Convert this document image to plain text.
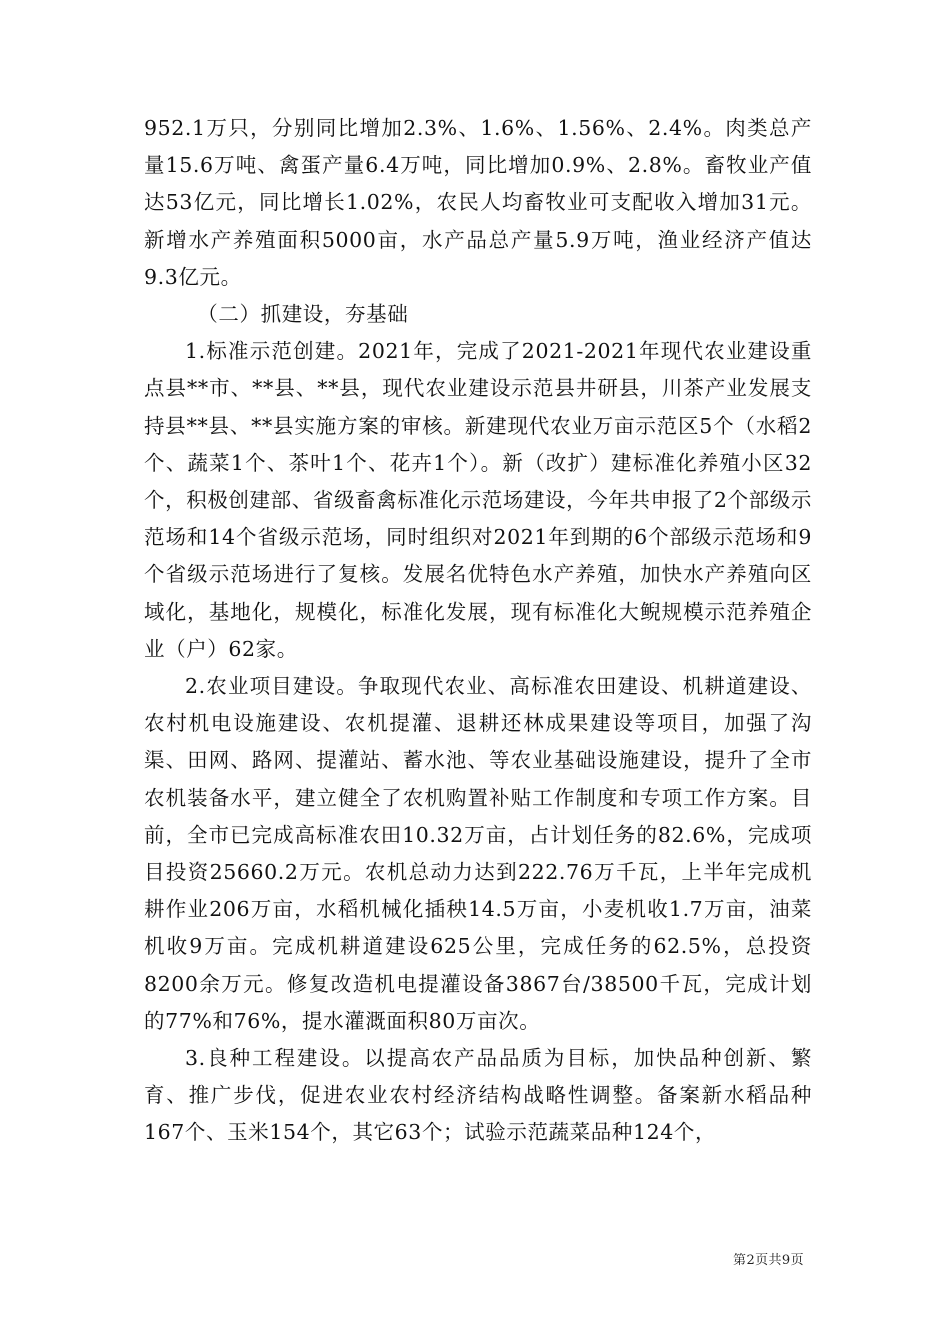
952.1万只，分别同比增加2.3%、1.6%、1.56%、2.4%。肉类总产量15.6万吨、禽蛋产量6.4万吨，同比增加0.9%、2.8%。畜牧业产值达53亿元，同比增长1.02%，农民人均畜牧业可支配收入增加31元。新增水产养殖面积5000亩，水产品总产量5.9万吨，渔业经济产值达9.3亿元。

（二）抓建设，夯基础

1.标准示范创建。2021年，完成了2021-2021年现代农业建设重点县**市、**县、**县，现代农业建设示范县井研县，川茶产业发展支持县**县、**县实施方案的审核。新建现代农业万亩示范区5个（水稻2个、蔬菜1个、茶叶1个、花卉1个）。新（改扩）建标准化养殖小区32个，积极创建部、省级畜禽标准化示范场建设，今年共申报了2个部级示范场和14个省级示范场，同时组织对2021年到期的6个部级示范场和9个省级示范场进行了复核。发展名优特色水产养殖，加快水产养殖向区域化，基地化，规模化，标准化发展，现有标准化大鲵规模示范养殖企业（户）62家。

2.农业项目建设。争取现代农业、高标准农田建设、机耕道建设、农村机电设施建设、农机提灌、退耕还林成果建设等项目，加强了沟渠、田网、路网、提灌站、蓄水池、等农业基础设施建设，提升了全市农机装备水平，建立健全了农机购置补贴工作制度和专项工作方案。目前，全市已完成高标准农田10.32万亩，占计划任务的82.6%，完成项目投资25660.2万元。农机总动力达到222.76万千瓦，上半年完成机耕作业206万亩，水稻机械化插秧14.5万亩，小麦机收1.7万亩，油菜机收9万亩。完成机耕道建设625公里，完成任务的62.5%，总投资8200余万元。修复改造机电提灌设备3867台/38500千瓦，完成计划的77%和76%，提水灌溉面积80万亩次。

3.良种工程建设。以提高农产品品质为目标，加快品种创新、繁育、推广步伐，促进农业农村经济结构战略性调整。备案新水稻品种167个、玉米154个，其它63个；试验示范蔬菜品种124个，

第2页共9页
